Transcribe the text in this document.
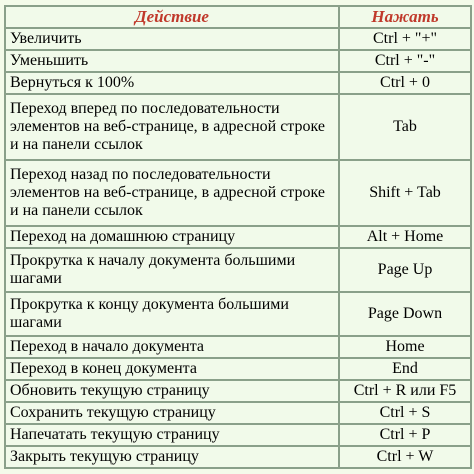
Действие	Нажать
Увеличить	Ctrl + "+"
Уменьшить	Ctrl + "-"
Вернуться к 100%	Ctrl + 0
Переход вперед по последовательности элементов на веб-странице, в адресной строке и на панели ссылок	Tab
Переход назад по последовательности элементов на веб-странице, в адресной строке и на панели ссылок	Shift + Tab
Переход на домашнюю страницу	Alt + Home
Прокрутка к началу документа большими шагами	Page Up
Прокрутка к концу документа большими шагами	Page Down
Переход в начало документа	Home
Переход в конец документа	End
Обновить текущую страницу	Ctrl + R или F5
Сохранить текущую страницу	Ctrl + S
Напечатать текущую страницу	Ctrl + P
Закрыть текущую страницу	Ctrl + W
